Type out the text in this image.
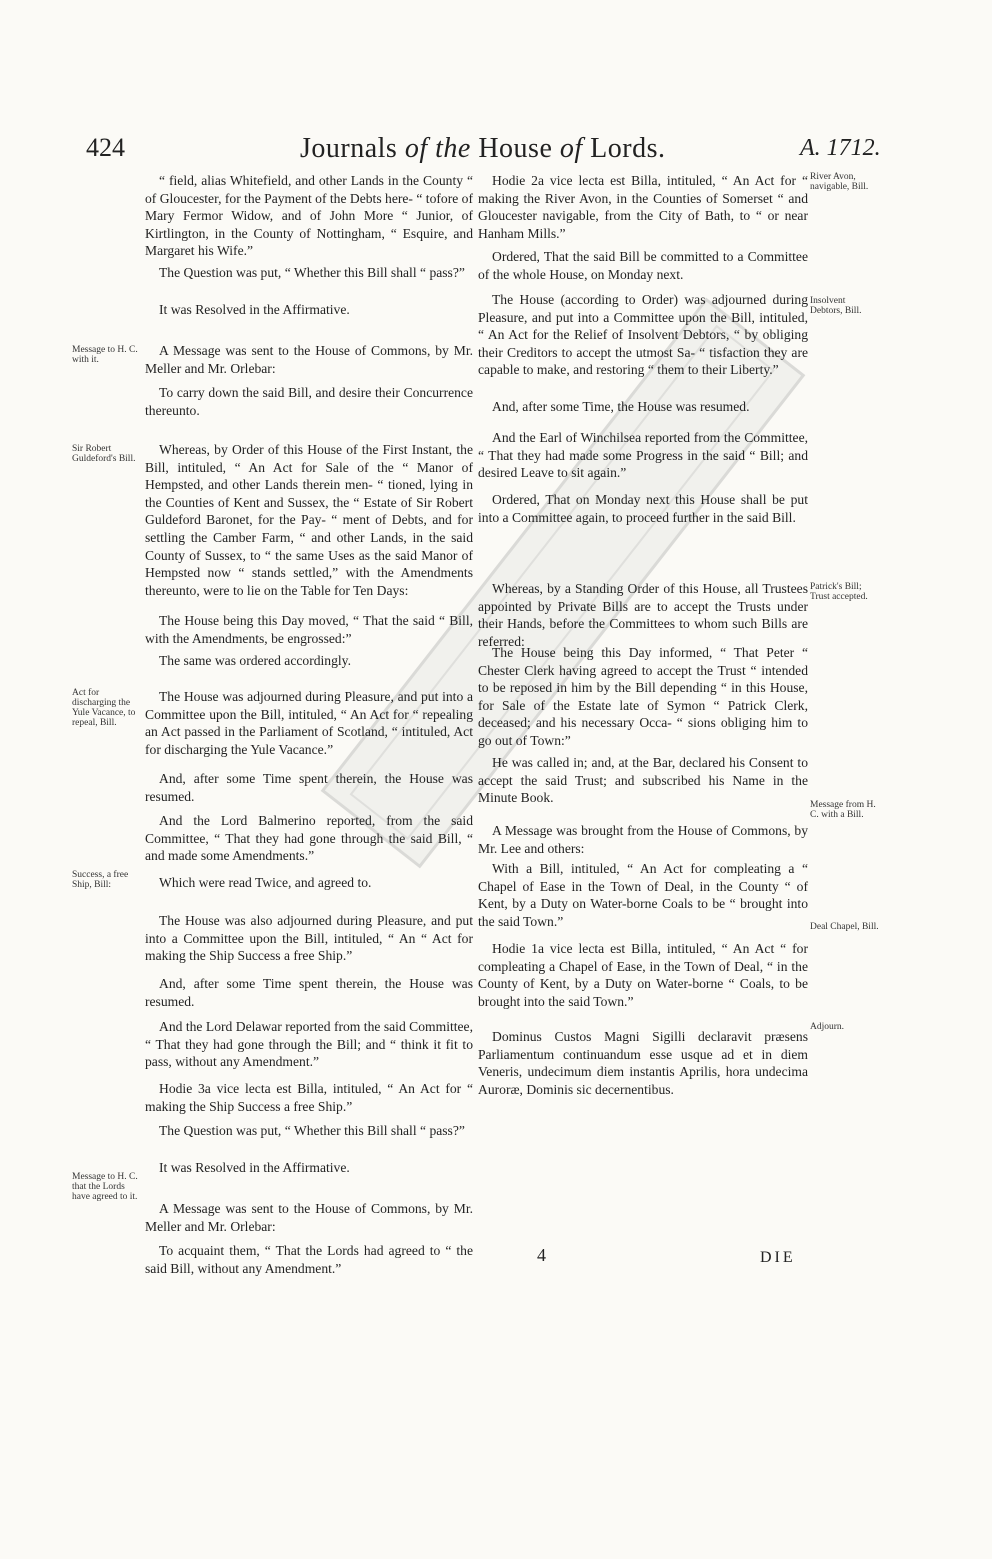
424	Journals of the House of Lords.	A. 1712.

“ field, alias Whitefield, and other Lands in the County “ of Gloucester, for the Payment of the Debts here- “ tofore of Mary Fermor Widow, and of John More “ Junior, of Kirtlington, in the County of Nottingham, “ Esquire, and Margaret his Wife.”

The Question was put, “ Whether this Bill shall “ pass?”

It was Resolved in the Affirmative.

A Message was sent to the House of Commons, by Mr. Meller and Mr. Orlebar:

To carry down the said Bill, and desire their Concurrence thereunto.

Whereas, by Order of this House of the First Instant, the Bill, intituled, “ An Act for Sale of the “ Manor of Hempsted, and other Lands therein men- “ tioned, lying in the Counties of Kent and Sussex, the “ Estate of Sir Robert Guldeford Baronet, for the Pay- “ ment of Debts, and for settling the Camber Farm, “ and other Lands, in the said County of Sussex, to “ the same Uses as the said Manor of Hempsted now “ stands settled,” with the Amendments thereunto, were to lie on the Table for Ten Days:

The House being this Day moved, “ That the said “ Bill, with the Amendments, be engrossed:”

The same was ordered accordingly.

The House was adjourned during Pleasure, and put into a Committee upon the Bill, intituled, “ An Act for “ repealing an Act passed in the Parliament of Scotland, “ intituled, Act for discharging the Yule Vacance.”

And, after some Time spent therein, the House was resumed.

And the Lord Balmerino reported, from the said Committee, “ That they had gone through the said Bill, “ and made some Amendments.”

Which were read Twice, and agreed to.

The House was also adjourned during Pleasure, and put into a Committee upon the Bill, intituled, “ An “ Act for making the Ship Success a free Ship.”

And, after some Time spent therein, the House was resumed.

And the Lord Delawar reported from the said Committee, “ That they had gone through the Bill; and “ think it fit to pass, without any Amendment.”

Hodie 3a vice lecta est Billa, intituled, “ An Act for “ making the Ship Success a free Ship.”

The Question was put, “ Whether this Bill shall “ pass?”

It was Resolved in the Affirmative.

A Message was sent to the House of Commons, by Mr. Meller and Mr. Orlebar:

To acquaint them, “ That the Lords had agreed to “ the said Bill, without any Amendment.”

Hodie 2a vice lecta est Billa, intituled, “ An Act for “ making the River Avon, in the Counties of Somerset “ and Gloucester navigable, from the City of Bath, to “ or near Hanham Mills.”

Ordered, That the said Bill be committed to a Committee of the whole House, on Monday next.

The House (according to Order) was adjourned during Pleasure, and put into a Committee upon the Bill, intituled, “ An Act for the Relief of Insolvent Debtors, “ by obliging their Creditors to accept the utmost Sa- “ tisfaction they are capable to make, and restoring “ them to their Liberty.”

And, after some Time, the House was resumed.

And the Earl of Winchilsea reported from the Committee, “ That they had made some Progress in the said “ Bill; and desired Leave to sit again.”

Ordered, That on Monday next this House shall be put into a Committee again, to proceed further in the said Bill.

Whereas, by a Standing Order of this House, all Trustees appointed by Private Bills are to accept the Trusts under their Hands, before the Committees to whom such Bills are referred:

The House being this Day informed, “ That Peter “ Chester Clerk having agreed to accept the Trust “ intended to be reposed in him by the Bill depending “ in this House, for Sale of the Estate late of Symon “ Patrick Clerk, deceased; and his necessary Occa- “ sions obliging him to go out of Town:”

He was called in; and, at the Bar, declared his Consent to accept the said Trust; and subscribed his Name in the Minute Book.

A Message was brought from the House of Commons, by Mr. Lee and others:

With a Bill, intituled, “ An Act for compleating a “ Chapel of Ease in the Town of Deal, in the County “ of Kent, by a Duty on Water-borne Coals to be “ brought into the said Town.”

Hodie 1a vice lecta est Billa, intituled, “ An Act “ for compleating a Chapel of Ease, in the Town of Deal, “ in the County of Kent, by a Duty on Water-borne “ Coals, to be brought into the said Town.”

Dominus Custos Magni Sigilli declaravit præsens Parliamentum continuandum esse usque ad et in diem Veneris, undecimum diem instantis Aprilis, hora undecima Auroræ, Dominis sic decernentibus.

Message to H. C. with it.
Sir Robert Guldeford's Bill.
Act for discharging the Yule Vacance, to repeal, Bill.
Success, a free Ship, Bill:
Message to H. C. that the Lords have agreed to it.
River Avon, navigable, Bill.
Insolvent Debtors, Bill.
Patrick's Bill; Trust accepted.
Message from H. C. with a Bill.
Deal Chapel, Bill.
Adjourn.
4	DIE
